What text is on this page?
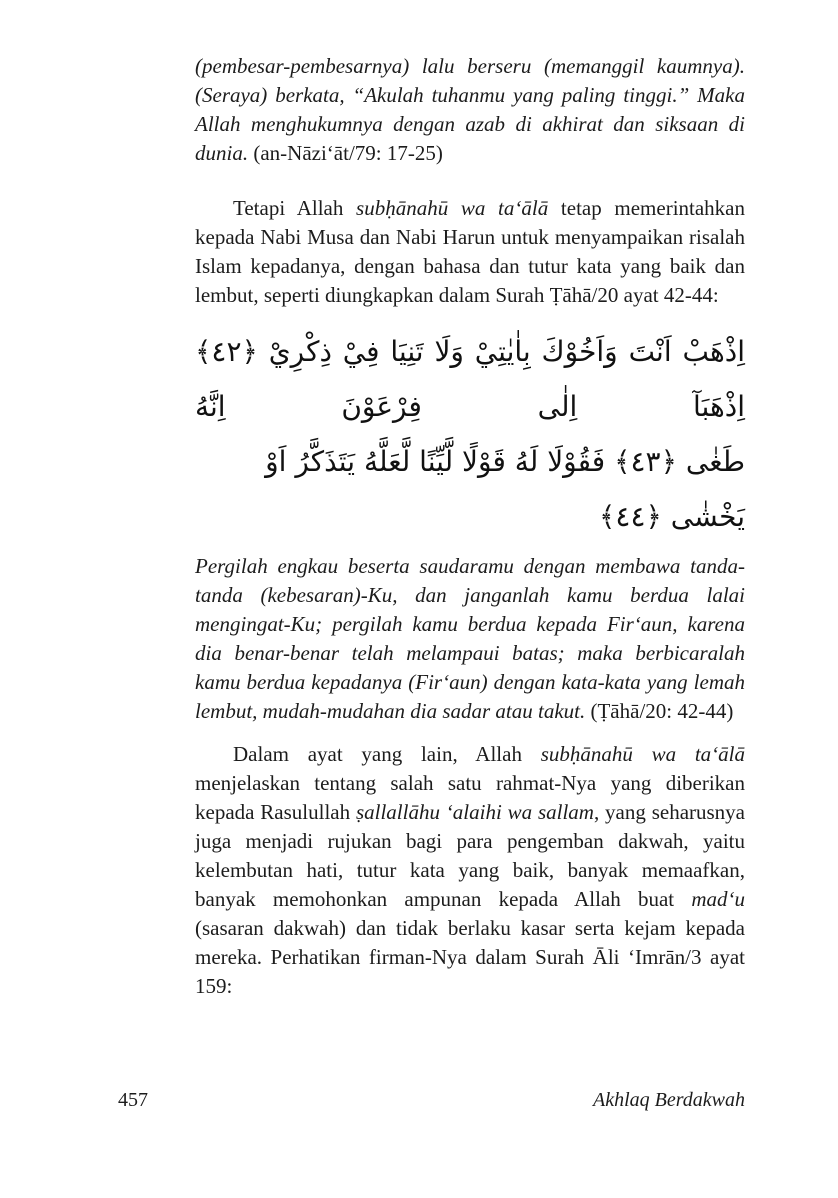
(pembesar-pembesarnya) lalu berseru (memanggil kaumnya). (Seraya) berkata, “Akulah tuhanmu yang paling tinggi.” Maka Allah menghukumnya dengan azab di akhirat dan siksaan di dunia. (an-Nāzi‘āt/79: 17-25)

Tetapi Allah subḥānahū wa ta‘ālā tetap memerintahkan kepada Nabi Musa dan Nabi Harun untuk menyampaikan risalah Islam kepadanya, dengan bahasa dan tutur kata yang baik dan lembut, seperti diungkapkan dalam Surah Ṭāhā/20 ayat 42-44:

اِذْهَبْ اَنْتَ وَاَخُوْكَ بِاٰيٰتِيْ وَلَا تَنِيَا فِيْ ذِكْرِيْ ﴿٤٢﴾ اِذْهَبَآ اِلٰى فِرْعَوْنَ اِنَّهُ
طَغٰى ﴿٤٣﴾ فَقُوْلَا لَهُ قَوْلًا لَّيِّنًا لَّعَلَّهُ يَتَذَكَّرُ اَوْ يَخْشٰى ﴿٤٤﴾

Pergilah engkau beserta saudaramu dengan membawa tanda-tanda (kebesaran)-Ku, dan janganlah kamu berdua lalai mengingat-Ku; pergilah kamu berdua kepada Fir‘aun, karena dia benar-benar telah melampaui batas; maka berbicaralah kamu berdua kepadanya (Fir‘aun) dengan kata-kata yang lemah lembut, mudah-mudahan dia sadar atau takut. (Ṭāhā/20: 42-44)

Dalam ayat yang lain, Allah subḥānahū wa ta‘ālā menjelaskan tentang salah satu rahmat-Nya yang diberikan kepada Rasulullah ṣallallāhu ‘alaihi wa sallam, yang seharusnya juga menjadi rujukan bagi para pengemban dakwah, yaitu kelembutan hati, tutur kata yang baik, banyak memaafkan, banyak memohonkan ampunan kepada Allah buat mad‘u (sasaran dakwah) dan tidak berlaku kasar serta kejam kepada mereka. Perhatikan firman-Nya dalam Surah Āli ‘Imrān/3 ayat 159:

457	Akhlaq Berdakwah
